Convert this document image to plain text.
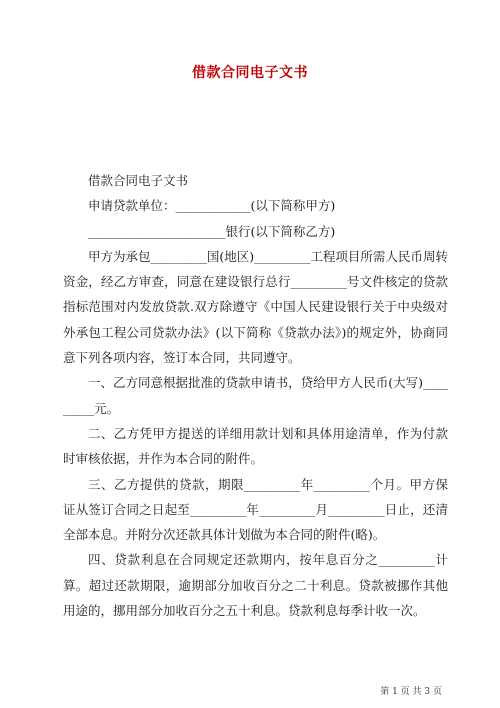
借款合同电子文书

借款合同电子文书

申请贷款单位：____________(以下简称甲方)

______________________银行(以下简称乙方)

甲方为承包_________国(地区)_________工程项目所需人民币周转资金，经乙方审查，同意在建设银行总行_________号文件核定的贷款指标范围对内发放贷款.双方除遵守《中国人民建设银行关于中央级对外承包工程公司贷款办法》(以下简称《贷款办法》)的规定外，协商同意下列各项内容，签订本合同，共同遵守。

一、乙方同意根据批准的贷款申请书，贷给甲方人民币(大写)_________元。

二、乙方凭甲方提送的详细用款计划和具体用途清单，作为付款时审核依据，并作为本合同的附件。

三、乙方提供的贷款，期限_________年_________个月。甲方保证从签订合同之日起至_________年_________月_________日止，还清全部本息。并附分次还款具体计划做为本合同的附件(略)。

四、贷款利息在合同规定还款期内，按年息百分之_________计算。超过还款期限，逾期部分加收百分之二十利息。贷款被挪作其他用途的，挪用部分加收百分之五十利息。贷款利息每季计收一次。

第 1 页 共 3 页
